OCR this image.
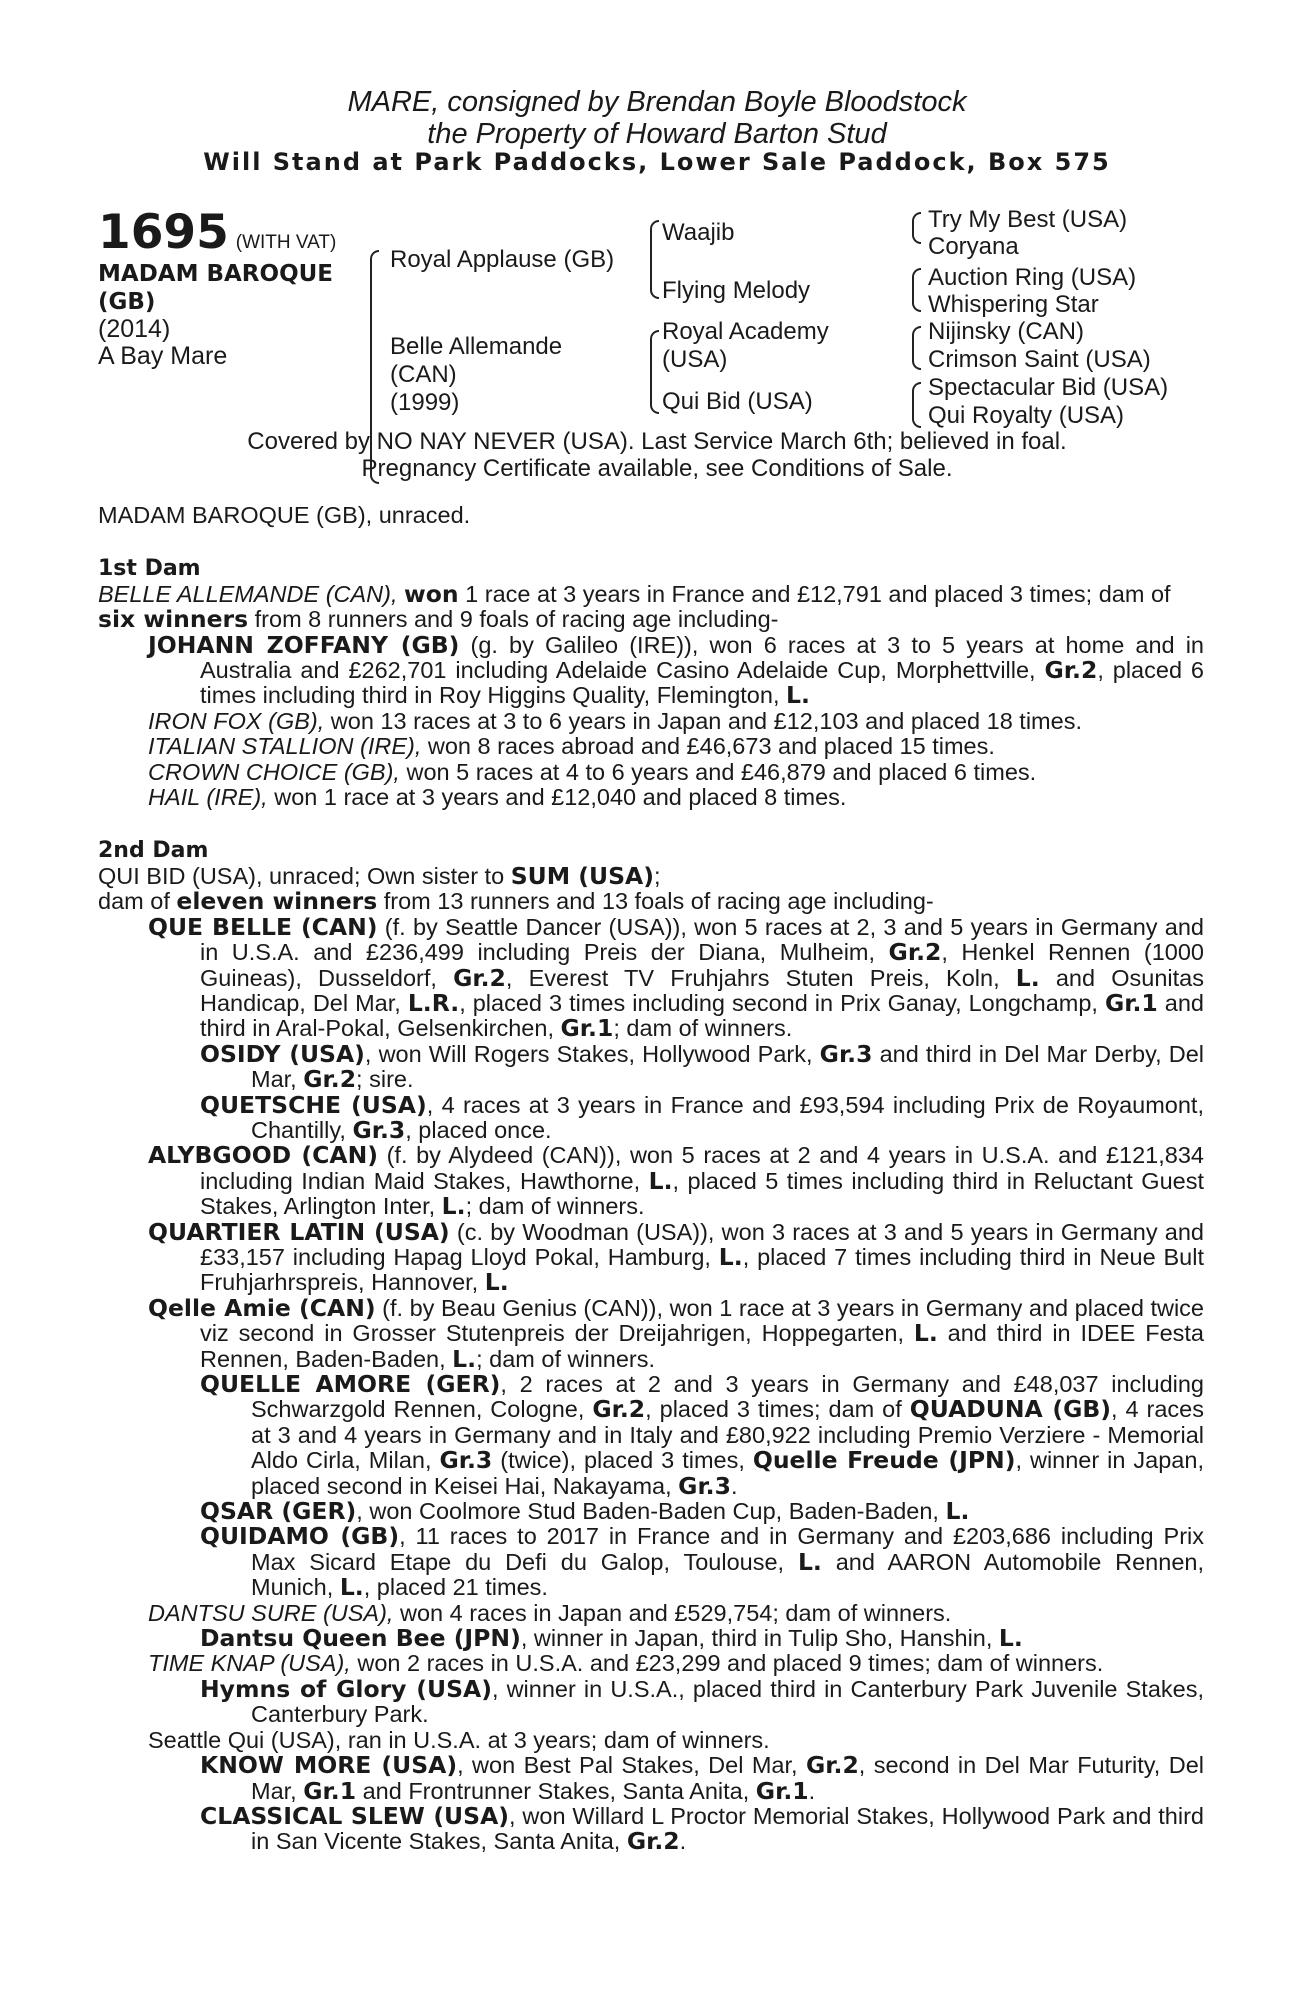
MARE, consigned by Brendan Boyle Bloodstock
the Property of Howard Barton Stud
Will Stand at Park Paddocks, Lower Sale Paddock, Box 575
1695 (WITH VAT)
MADAM BAROQUE
(GB)
(2014)
A Bay Mare
Royal Applause (GB)
Belle Allemande
(CAN)
(1999)
Waajib
Flying Melody
Royal Academy
(USA)
Qui Bid (USA)
Try My Best (USA)
Coryana
Auction Ring (USA)
Whispering Star
Nijinsky (CAN)
Crimson Saint (USA)
Spectacular Bid (USA)
Qui Royalty (USA)
Covered by NO NAY NEVER (USA). Last Service March 6th; believed in foal.
Pregnancy Certificate available, see Conditions of Sale.

MADAM BAROQUE (GB), unraced.

1st Dam

BELLE ALLEMANDE (CAN), won 1 race at 3 years in France and £12,791 and placed 3 times; dam of six winners from 8 runners and 9 foals of racing age including-

JOHANN ZOFFANY (GB) (g. by Galileo (IRE)), won 6 races at 3 to 5 years at home and in Australia and £262,701 including Adelaide Casino Adelaide Cup, Morphettville, Gr.2, placed 6 times including third in Roy Higgins Quality, Flemington, L.

IRON FOX (GB), won 13 races at 3 to 6 years in Japan and £12,103 and placed 18 times.

ITALIAN STALLION (IRE), won 8 races abroad and £46,673 and placed 15 times.

CROWN CHOICE (GB), won 5 races at 4 to 6 years and £46,879 and placed 6 times.

HAIL (IRE), won 1 race at 3 years and £12,040 and placed 8 times.

2nd Dam

QUI BID (USA), unraced; Own sister to SUM (USA);

dam of eleven winners from 13 runners and 13 foals of racing age including-

QUE BELLE (CAN) (f. by Seattle Dancer (USA)), won 5 races at 2, 3 and 5 years in Germany and in U.S.A. and £236,499 including Preis der Diana, Mulheim, Gr.2, Henkel Rennen (1000 Guineas), Dusseldorf, Gr.2, Everest TV Fruhjahrs Stuten Preis, Koln, L. and Osunitas Handicap, Del Mar, L.R., placed 3 times including second in Prix Ganay, Longchamp, Gr.1 and third in Aral-Pokal, Gelsenkirchen, Gr.1; dam of winners.

OSIDY (USA), won Will Rogers Stakes, Hollywood Park, Gr.3 and third in Del Mar Derby, Del Mar, Gr.2; sire.

QUETSCHE (USA), 4 races at 3 years in France and £93,594 including Prix de Royaumont, Chantilly, Gr.3, placed once.

ALYBGOOD (CAN) (f. by Alydeed (CAN)), won 5 races at 2 and 4 years in U.S.A. and £121,834 including Indian Maid Stakes, Hawthorne, L., placed 5 times including third in Reluctant Guest Stakes, Arlington Inter, L.; dam of winners.

QUARTIER LATIN (USA) (c. by Woodman (USA)), won 3 races at 3 and 5 years in Germany and £33,157 including Hapag Lloyd Pokal, Hamburg, L., placed 7 times including third in Neue Bult Fruhjarhrspreis, Hannover, L.

Qelle Amie (CAN) (f. by Beau Genius (CAN)), won 1 race at 3 years in Germany and placed twice viz second in Grosser Stutenpreis der Dreijahrigen, Hoppegarten, L. and third in IDEE Festa Rennen, Baden-Baden, L.; dam of winners.

QUELLE AMORE (GER), 2 races at 2 and 3 years in Germany and £48,037 including Schwarzgold Rennen, Cologne, Gr.2, placed 3 times; dam of QUADUNA (GB), 4 races at 3 and 4 years in Germany and in Italy and £80,922 including Premio Verziere - Memorial Aldo Cirla, Milan, Gr.3 (twice), placed 3 times, Quelle Freude (JPN), winner in Japan, placed second in Keisei Hai, Nakayama, Gr.3.

QSAR (GER), won Coolmore Stud Baden-Baden Cup, Baden-Baden, L.

QUIDAMO (GB), 11 races to 2017 in France and in Germany and £203,686 including Prix Max Sicard Etape du Defi du Galop, Toulouse, L. and AARON Automobile Rennen, Munich, L., placed 21 times.

DANTSU SURE (USA), won 4 races in Japan and £529,754; dam of winners.

Dantsu Queen Bee (JPN), winner in Japan, third in Tulip Sho, Hanshin, L.

TIME KNAP (USA), won 2 races in U.S.A. and £23,299 and placed 9 times; dam of winners.

Hymns of Glory (USA), winner in U.S.A., placed third in Canterbury Park Juvenile Stakes, Canterbury Park.

Seattle Qui (USA), ran in U.S.A. at 3 years; dam of winners.

KNOW MORE (USA), won Best Pal Stakes, Del Mar, Gr.2, second in Del Mar Futurity, Del Mar, Gr.1 and Frontrunner Stakes, Santa Anita, Gr.1.

CLASSICAL SLEW (USA), won Willard L Proctor Memorial Stakes, Hollywood Park and third in San Vicente Stakes, Santa Anita, Gr.2.
